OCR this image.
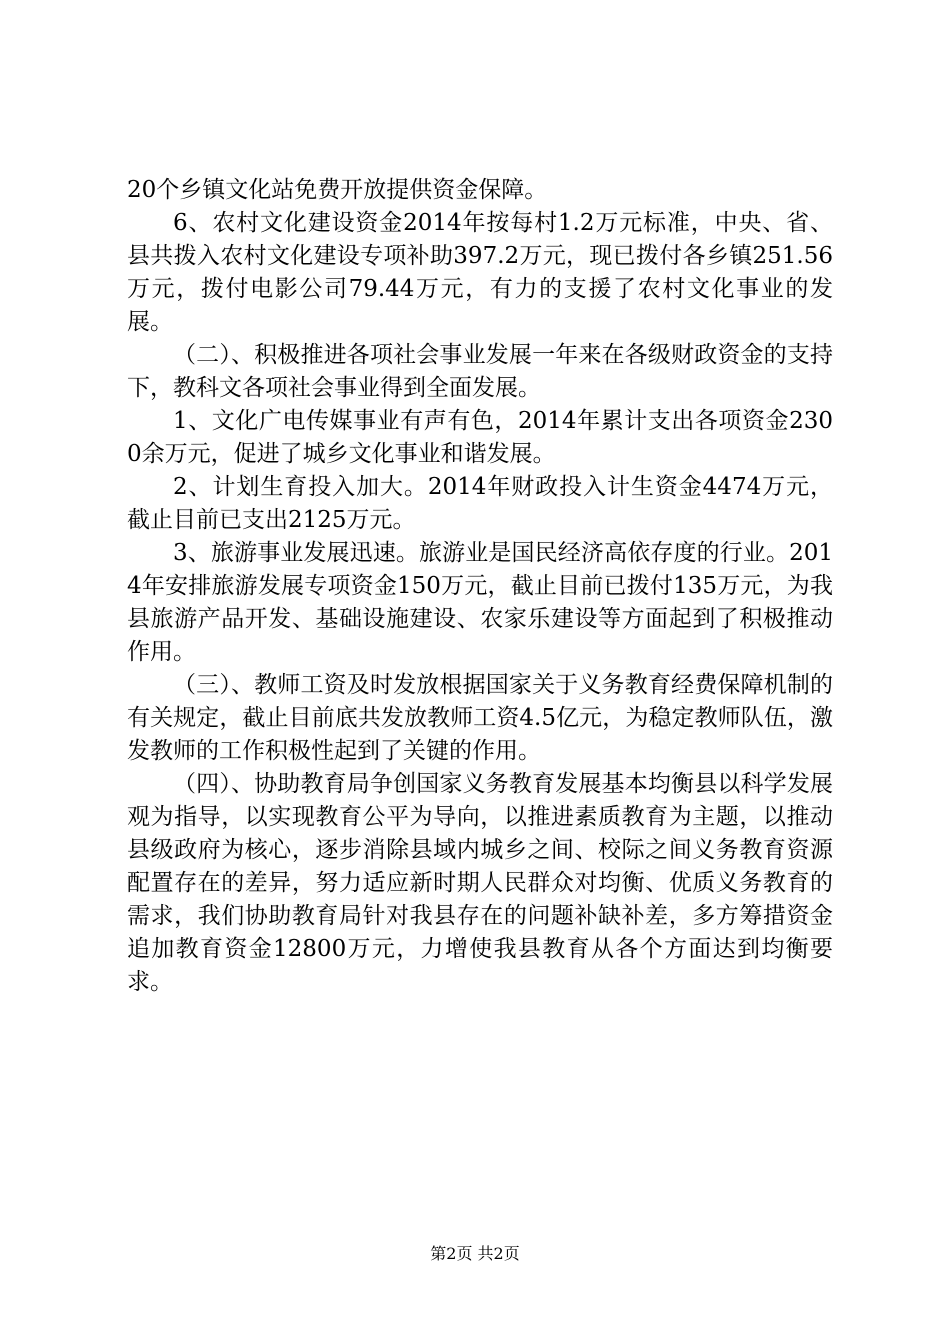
20个乡镇文化站免费开放提供资金保障。

6、农村文化建设资金2014年按每村1.2万元标准，中央、省、县共拨入农村文化建设专项补助397.2万元，现已拨付各乡镇251.56万元，拨付电影公司79.44万元，有力的支援了农村文化事业的发展。

（二）、积极推进各项社会事业发展一年来在各级财政资金的支持下，教科文各项社会事业得到全面发展。

1、文化广电传媒事业有声有色，2014年累计支出各项资金2300余万元，促进了城乡文化事业和谐发展。

2、计划生育投入加大。2014年财政投入计生资金4474万元，截止目前已支出2125万元。

3、旅游事业发展迅速。旅游业是国民经济高依存度的行业。2014年安排旅游发展专项资金150万元，截止目前已拨付135万元，为我县旅游产品开发、基础设施建设、农家乐建设等方面起到了积极推动作用。

（三）、教师工资及时发放根据国家关于义务教育经费保障机制的有关规定，截止目前底共发放教师工资4.5亿元，为稳定教师队伍，激发教师的工作积极性起到了关键的作用。

（四）、协助教育局争创国家义务教育发展基本均衡县以科学发展观为指导，以实现教育公平为导向，以推进素质教育为主题，以推动县级政府为核心，逐步消除县域内城乡之间、校际之间义务教育资源配置存在的差异，努力适应新时期人民群众对均衡、优质义务教育的需求，我们协助教育局针对我县存在的问题补缺补差，多方筹措资金追加教育资金12800万元，力增使我县教育从各个方面达到均衡要求。

第2页 共2页
